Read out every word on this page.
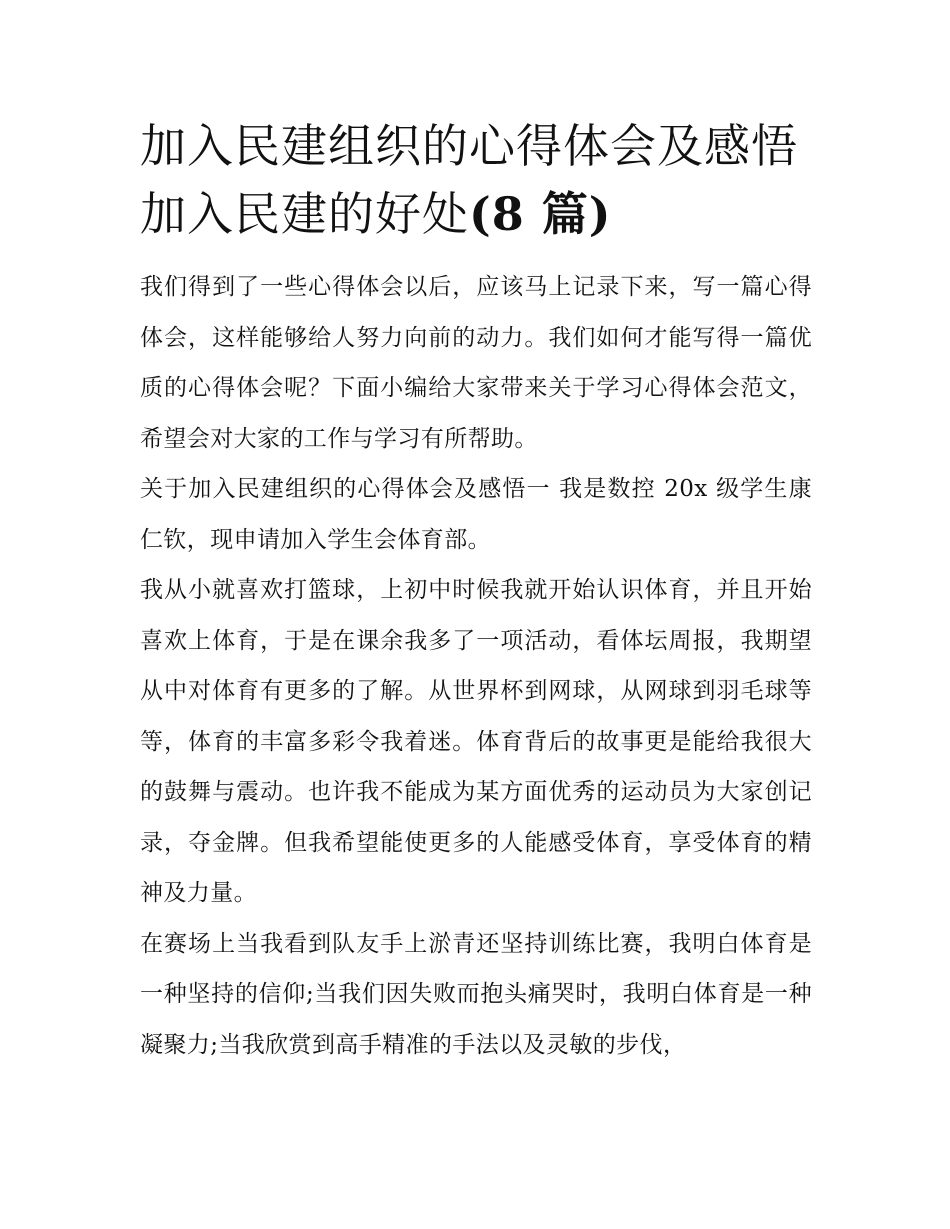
加入民建组织的心得体会及感悟 加入民建的好处(8 篇)

我们得到了一些心得体会以后，应该马上记录下来，写一篇心得体会，这样能够给人努力向前的动力。我们如何才能写得一篇优质的心得体会呢？下面小编给大家带来关于学习心得体会范文，希望会对大家的工作与学习有所帮助。

关于加入民建组织的心得体会及感悟一 我是数控 20x 级学生康仁钦，现申请加入学生会体育部。

我从小就喜欢打篮球，上初中时候我就开始认识体育，并且开始喜欢上体育，于是在课余我多了一项活动，看体坛周报，我期望从中对体育有更多的了解。从世界杯到网球，从网球到羽毛球等等，体育的丰富多彩令我着迷。体育背后的故事更是能给我很大的鼓舞与震动。也许我不能成为某方面优秀的运动员为大家创记录，夺金牌。但我希望能使更多的人能感受体育，享受体育的精神及力量。

在赛场上当我看到队友手上淤青还坚持训练比赛，我明白体育是一种坚持的信仰;当我们因失败而抱头痛哭时，我明白体育是一种凝聚力;当我欣赏到高手精准的手法以及灵敏的步伐，
